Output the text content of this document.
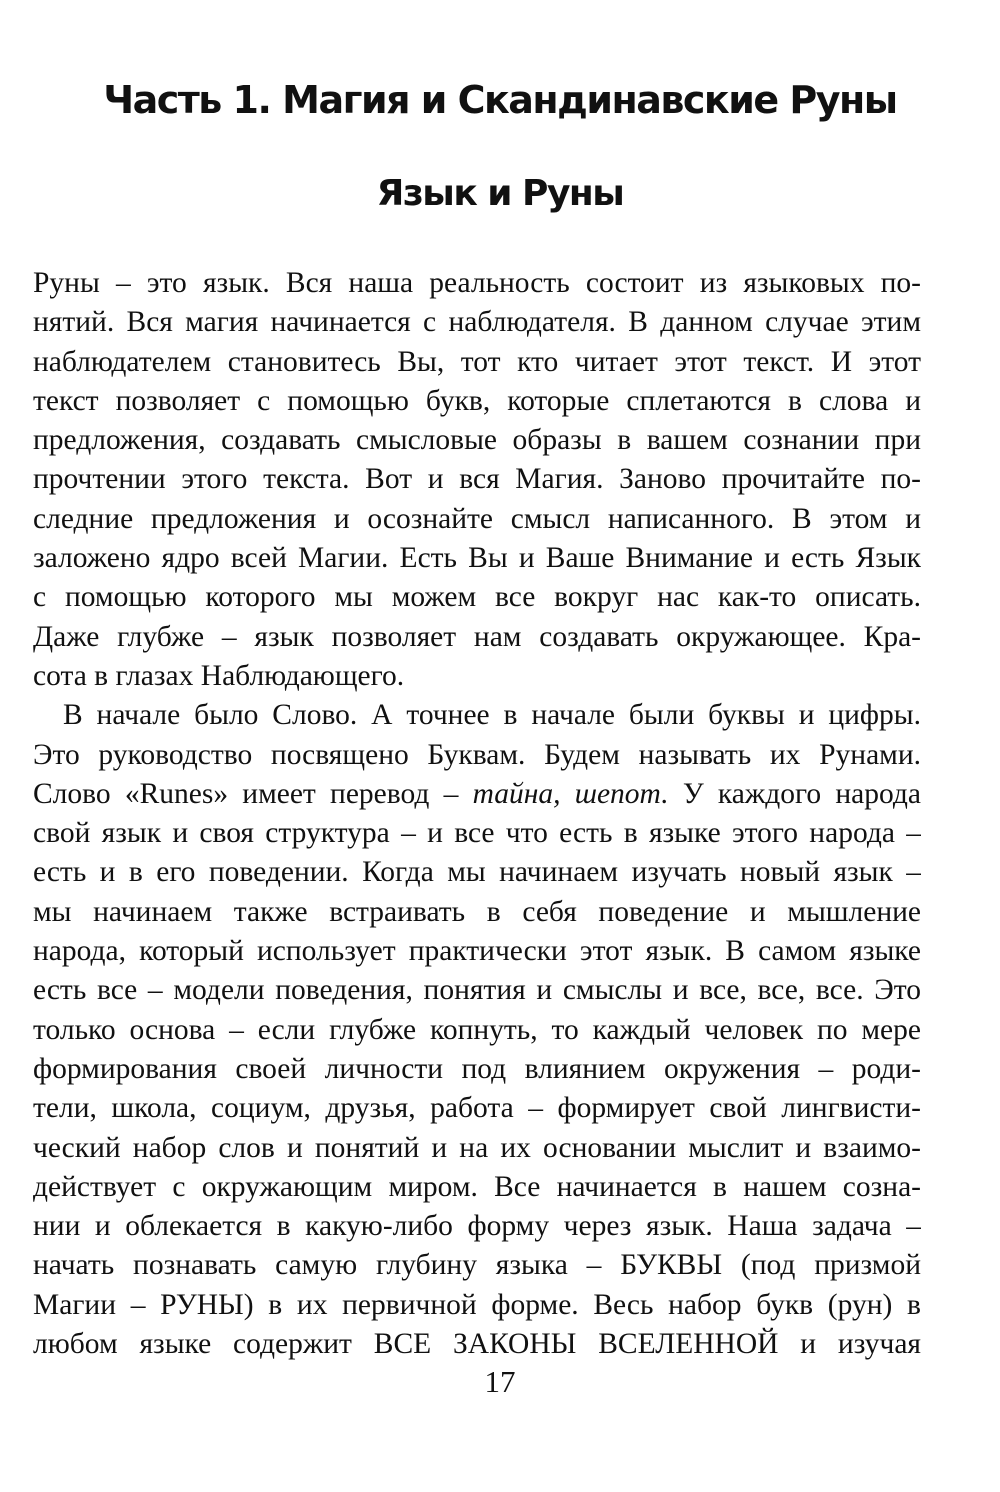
Часть 1. Магия и Скандинавские Руны
Язык и Руны
Руны – это язык. Вся наша реальность состоит из языковых по-
нятий. Вся магия начинается с наблюдателя. В данном случае этим
наблюдателем становитесь Вы, тот кто читает этот текст. И этот
текст позволяет с помощью букв, которые сплетаются в слова и
предложения, создавать смысловые образы в вашем сознании при
прочтении этого текста. Вот и вся Магия. Заново прочитайте по-
следние предложения и осознайте смысл написанного. В этом и
заложено ядро всей Магии. Есть Вы и Ваше Внимание и есть Язык
с помощью которого мы можем все вокруг нас как-то описать.
Даже глубже – язык позволяет нам создавать окружающее. Кра-
сота в глазах Наблюдающего.
В начале было Слово. А точнее в начале были буквы и цифры.
Это руководство посвящено Буквам. Будем называть их Рунами.
Слово «Runes» имеет перевод – тайна, шепот. У каждого народа
свой язык и своя структура – и все что есть в языке этого народа –
есть и в его поведении. Когда мы начинаем изучать новый язык –
мы начинаем также встраивать в себя поведение и мышление
народа, который использует практически этот язык. В самом языке
есть все – модели поведения, понятия и смыслы и все, все, все. Это
только основа – если глубже копнуть, то каждый человек по мере
формирования своей личности под влиянием окружения – роди-
тели, школа, социум, друзья, работа – формирует свой лингвисти-
ческий набор слов и понятий и на их основании мыслит и взаимо-
действует с окружающим миром. Все начинается в нашем созна-
нии и облекается в какую-либо форму через язык. Наша задача –
начать познавать самую глубину языка – БУКВЫ (под призмой
Магии – РУНЫ) в их первичной форме. Весь набор букв (рун) в
любом языке содержит ВСЕ ЗАКОНЫ ВСЕЛЕННОЙ и изучая
17
